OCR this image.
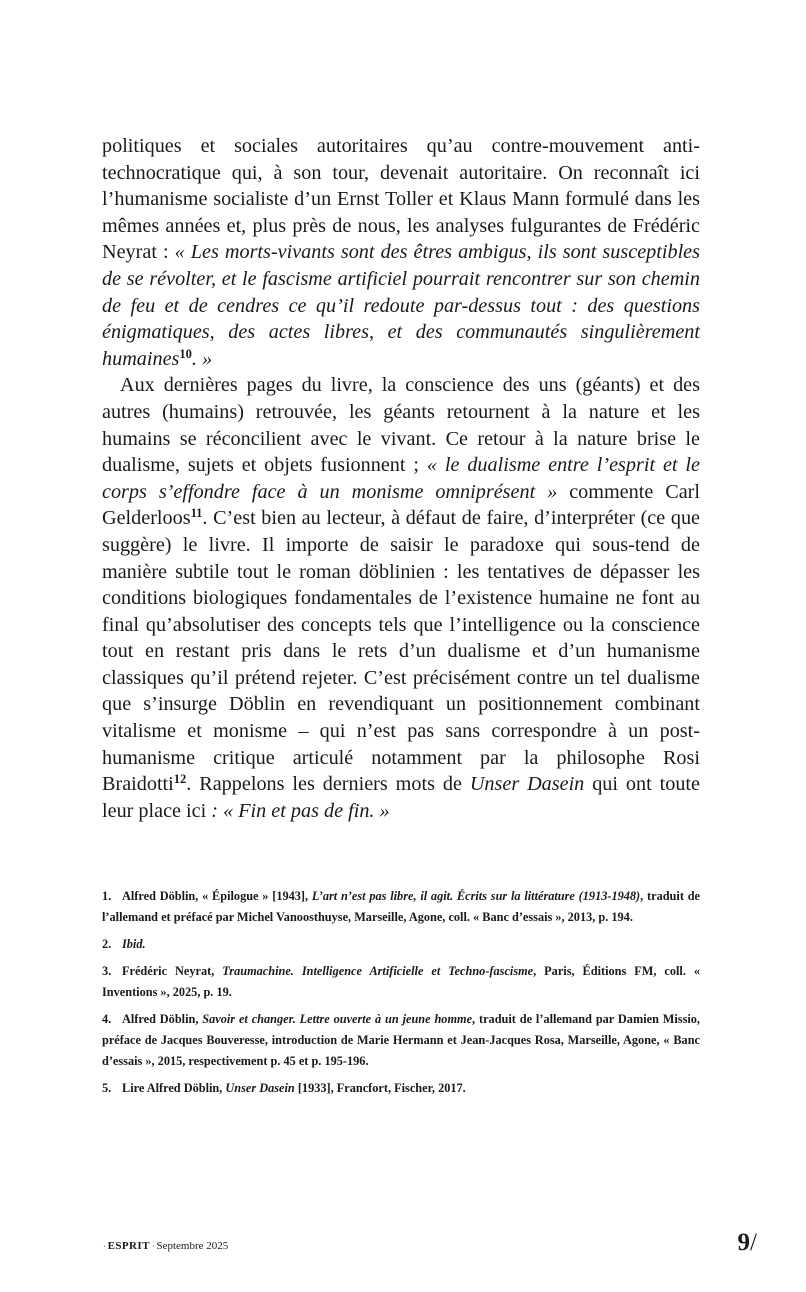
politiques et sociales autoritaires qu’au contre-mouvement anti-technocratique qui, à son tour, devenait autoritaire. On reconnaît ici l’humanisme socialiste d’un Ernst Toller et Klaus Mann formulé dans les mêmes années et, plus près de nous, les analyses fulgurantes de Frédéric Neyrat : « Les morts-vivants sont des êtres ambigus, ils sont susceptibles de se révolter, et le fascisme artificiel pourrait rencontrer sur son chemin de feu et de cendres ce qu’il redoute par-dessus tout : des questions énigmatiques, des actes libres, et des communautés singulièrement humaines$^{10}$. »

Aux dernières pages du livre, la conscience des uns (géants) et des autres (humains) retrouvée, les géants retournent à la nature et les humains se réconcilient avec le vivant. Ce retour à la nature brise le dualisme, sujets et objets fusionnent ; « le dualisme entre l’esprit et le corps s’effondre face à un monisme omniprésent » commente Carl Gelderloos$^{11}$. C’est bien au lecteur, à défaut de faire, d’interpréter (ce que suggère) le livre. Il importe de saisir le paradoxe qui sous-tend de manière subtile tout le roman döblinien : les tentatives de dépasser les conditions biologiques fondamentales de l’existence humaine ne font au final qu’absolutiser des concepts tels que l’intelligence ou la conscience tout en restant pris dans le rets d’un dualisme et d’un humanisme classiques qu’il prétend rejeter. C’est précisément contre un tel dualisme que s’insurge Döblin en revendiquant un positionnement combinant vitalisme et monisme – qui n’est pas sans correspondre à un post-humanisme critique articulé notamment par la philosophe Rosi Braidotti$^{12}$. Rappelons les derniers mots de Unser Dasein qui ont toute leur place ici : « Fin et pas de fin. »

1. Alfred Döblin, « Épilogue » [1943], L’art n’est pas libre, il agit. Écrits sur la littérature (1913-1948), traduit de l’allemand et préfacé par Michel Vanoosthuyse, Marseille, Agone, coll. « Banc d’essais », 2013, p. 194.
2. Ibid.
3. Frédéric Neyrat, Traumachine. Intelligence Artificielle et Techno-fascisme, Paris, Éditions FM, coll. « Inventions », 2025, p. 19.
4. Alfred Döblin, Savoir et changer. Lettre ouverte à un jeune homme, traduit de l’allemand par Damien Missio, préface de Jacques Bouveresse, introduction de Marie Hermann et Jean-Jacques Rosa, Marseille, Agone, « Banc d’essais », 2015, respectivement p. 45 et p. 195-196.
5. Lire Alfred Döblin, Unser Dasein [1933], Francfort, Fischer, 2017.
· ESPRIT · Septembre 2025	9/
